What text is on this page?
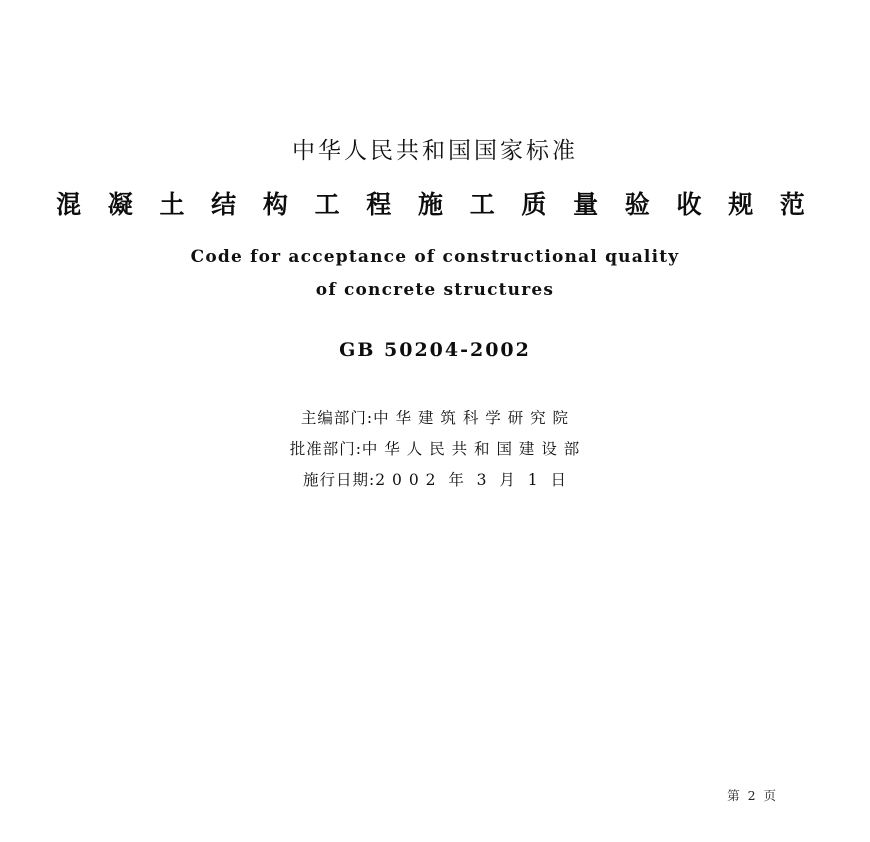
中华人民共和国国家标准
混 凝 土 结 构 工 程 施 工 质 量 验 收 规 范
Code for acceptance of constructional quality
of concrete structures
GB 50204-2002
主编部门:中 华 建 筑 科 学 研 究 院
批准部门:中 华 人 民 共 和 国 建 设 部
施行日期:2 0 0 2  年  3  月  1  日
第 2 页
